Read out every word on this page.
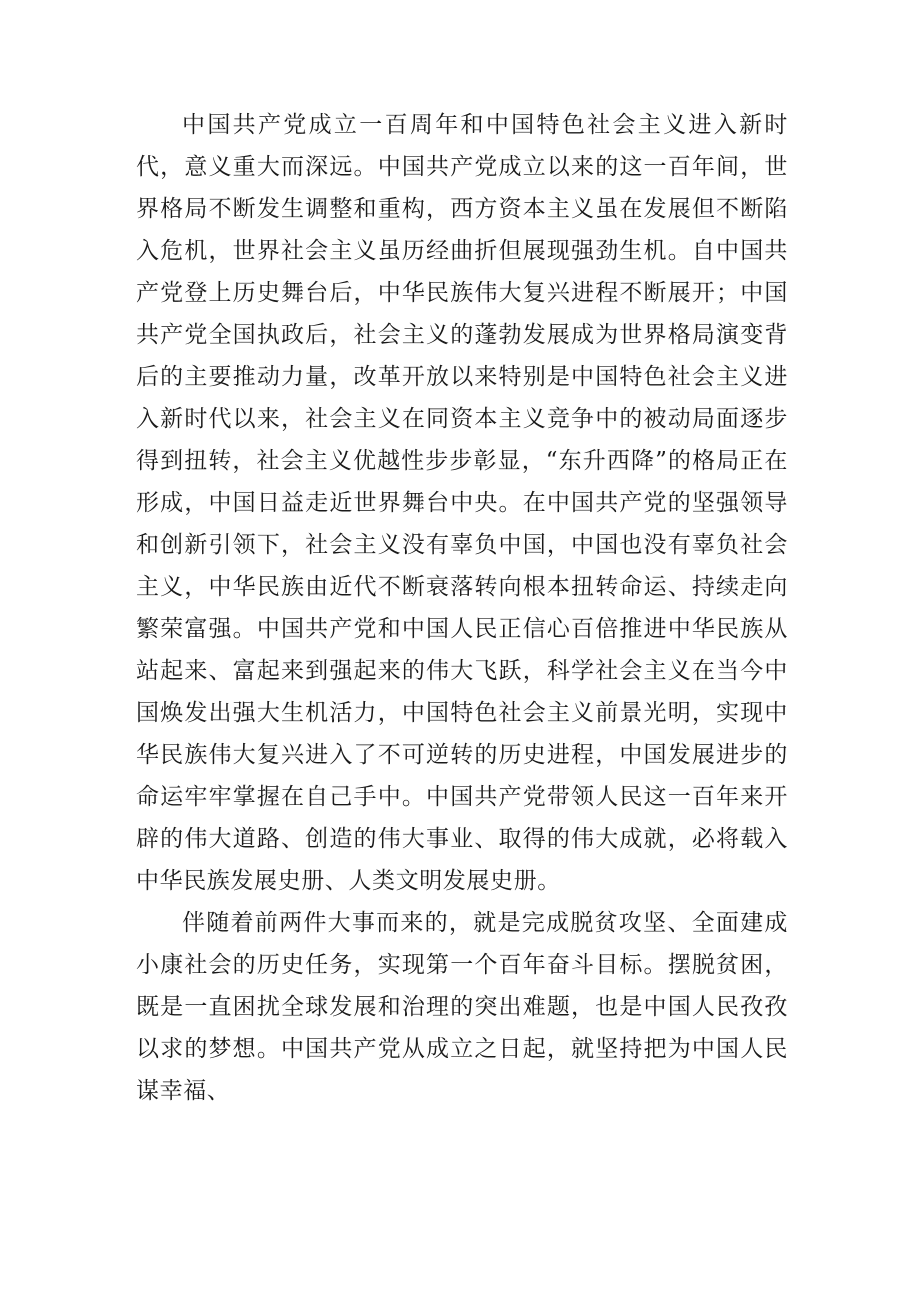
中国共产党成立一百周年和中国特色社会主义进入新时代，意义重大而深远。中国共产党成立以来的这一百年间，世界格局不断发生调整和重构，西方资本主义虽在发展但不断陷入危机，世界社会主义虽历经曲折但展现强劲生机。自中国共产党登上历史舞台后，中华民族伟大复兴进程不断展开；中国共产党全国执政后，社会主义的蓬勃发展成为世界格局演变背后的主要推动力量，改革开放以来特别是中国特色社会主义进入新时代以来，社会主义在同资本主义竞争中的被动局面逐步得到扭转，社会主义优越性步步彰显，“东升西降”的格局正在形成，中国日益走近世界舞台中央。在中国共产党的坚强领导和创新引领下，社会主义没有辜负中国，中国也没有辜负社会主义，中华民族由近代不断衰落转向根本扭转命运、持续走向繁荣富强。中国共产党和中国人民正信心百倍推进中华民族从站起来、富起来到强起来的伟大飞跃，科学社会主义在当今中国焕发出强大生机活力，中国特色社会主义前景光明，实现中华民族伟大复兴进入了不可逆转的历史进程，中国发展进步的命运牢牢掌握在自己手中。中国共产党带领人民这一百年来开辟的伟大道路、创造的伟大事业、取得的伟大成就，必将载入中华民族发展史册、人类文明发展史册。

伴随着前两件大事而来的，就是完成脱贫攻坚、全面建成小康社会的历史任务，实现第一个百年奋斗目标。摆脱贫困，既是一直困扰全球发展和治理的突出难题，也是中国人民孜孜以求的梦想。中国共产党从成立之日起，就坚持把为中国人民谋幸福、
